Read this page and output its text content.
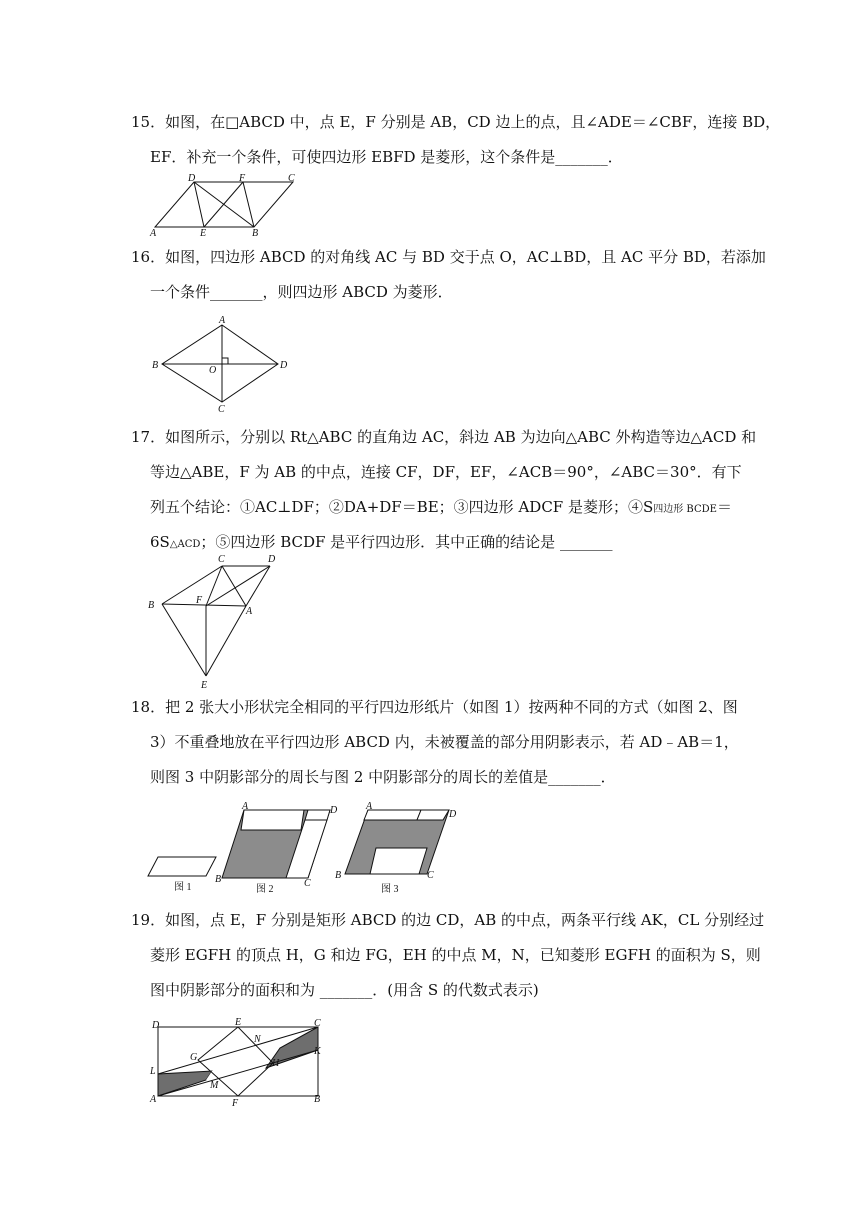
15．如图，在□ABCD 中，点 E，F 分别是 AB，CD 边上的点，且∠ADE＝∠CBF，连接 BD，
EF．补充一个条件，可使四边形 EBFD 是菱形，这个条件是_______．
D	F	C
A	E	B
16．如图，四边形 ABCD 的对角线 AC 与 BD 交于点 O，AC⊥BD，且 AC 平分 BD，若添加
一个条件_______，则四边形 ABCD 为菱形．
A
B	D
O
C
17．如图所示，分别以 Rt△ABC 的直角边 AC，斜边 AB 为边向△ABC 外构造等边△ACD 和
等边△ABE，F 为 AB 的中点，连接 CF，DF，EF，∠ACB＝90°，∠ABC＝30°．有下
列五个结论：①AC⊥DF；②DA+DF＝BE；③四边形 ADCF 是菱形；④S四边形 BCDE＝
6S△ACD；⑤四边形 BCDF 是平行四边形．其中正确的结论是 _______
C	D
B	F
A
E
18．把 2 张大小形状完全相同的平行四边形纸片（如图 1）按两种不同的方式（如图 2、图
3）不重叠地放在平行四边形 ABCD 内，未被覆盖的部分用阴影表示，若 AD﹣AB＝1，
则图 3 中阴影部分的周长与图 2 中阴影部分的周长的差值是_______．
图 1
A	D
B	C
图 2
A
D
B	C
图 3
19．如图，点 E，F 分别是矩形 ABCD 的边 CD，AB 的中点，两条平行线 AK，CL 分别经过
菱形 EGFH 的顶点 H，G 和边 FG，EH 的中点 M，N，已知菱形 EGFH 的面积为 S，则
图中阴影部分的面积和为 _______．(用含 S 的代数式表示)
D	E	C
N
K
G
H
L
M
A	F	B
